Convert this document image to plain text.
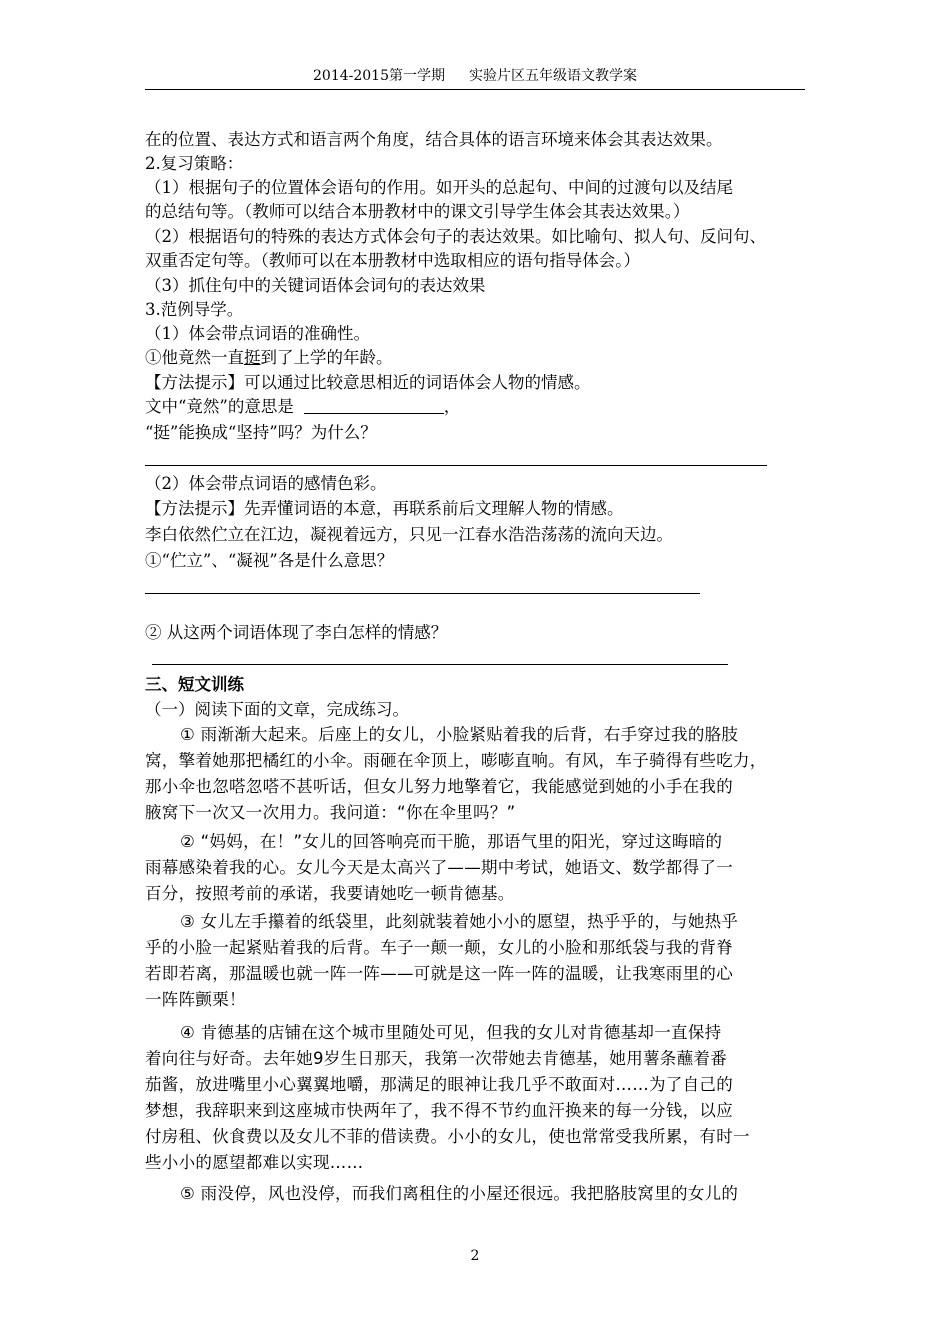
2014-2015第一学期 实验片区五年级语文教学案
在的位置、表达方式和语言两个角度，结合具体的语言环境来体会其表达效果。
2.复习策略：
（1）根据句子的位置体会语句的作用。如开头的总起句、中间的过渡句以及结尾
的总结句等。（教师可以结合本册教材中的课文引导学生体会其表达效果。）
（2）根据语句的特殊的表达方式体会句子的表达效果。如比喻句、拟人句、反问句、
双重否定句等。（教师可以在本册教材中选取相应的语句指导体会。）
（3）抓住句中的关键词语体会词句的表达效果
3.范例导学。
（1）体会带点词语的准确性。
①他竟然一直挺到了上学的年龄。
【方法提示】可以通过比较意思相近的词语体会人物的情感。
文中“竟然”的意思是	，
“挺”能换成“坚持”吗？为什么？
（2）体会带点词语的感情色彩。
【方法提示】先弄懂词语的本意，再联系前后文理解人物的情感。
李白依然伫立在江边，凝视着远方，只见一江春水浩浩荡荡的流向天边。
①“伫立”、“凝视”各是什么意思？
② 从这两个词语体现了李白怎样的情感？
三、短文训练
（一）阅读下面的文章，完成练习。
① 雨渐渐大起来。后座上的女儿，小脸紧贴着我的后背，右手穿过我的胳肢
窝，擎着她那把橘红的小伞。雨砸在伞顶上，嘭嘭直响。有风，车子骑得有些吃力，
那小伞也忽嗒忽嗒不甚听话，但女儿努力地擎着它，我能感觉到她的小手在我的
腋窝下一次又一次用力。我问道：“你在伞里吗？”
② “妈妈，在！”女儿的回答响亮而干脆，那语气里的阳光，穿过这晦暗的
雨幕感染着我的心。女儿今天是太高兴了——期中考试，她语文、数学都得了一
百分，按照考前的承诺，我要请她吃一顿肯德基。
③ 女儿左手攥着的纸袋里，此刻就装着她小小的愿望，热乎乎的，与她热乎
乎的小脸一起紧贴着我的后背。车子一颠一颠，女儿的小脸和那纸袋与我的背脊
若即若离，那温暖也就一阵一阵——可就是这一阵一阵的温暖，让我寒雨里的心
一阵阵颤栗！
④ 肯德基的店铺在这个城市里随处可见，但我的女儿对肯德基却一直保持
着向往与好奇。去年她9岁生日那天，我第一次带她去肯德基，她用薯条蘸着番
茄酱，放进嘴里小心翼翼地嚼，那满足的眼神让我几乎不敢面对……为了自己的
梦想，我辞职来到这座城市快两年了，我不得不节约血汗换来的每一分钱，以应
付房租、伙食费以及女儿不菲的借读费。小小的女儿，使也常常受我所累，有时一
些小小的愿望都难以实现……
⑤ 雨没停，风也没停，而我们离租住的小屋还很远。我把胳肢窝里的女儿的
2
